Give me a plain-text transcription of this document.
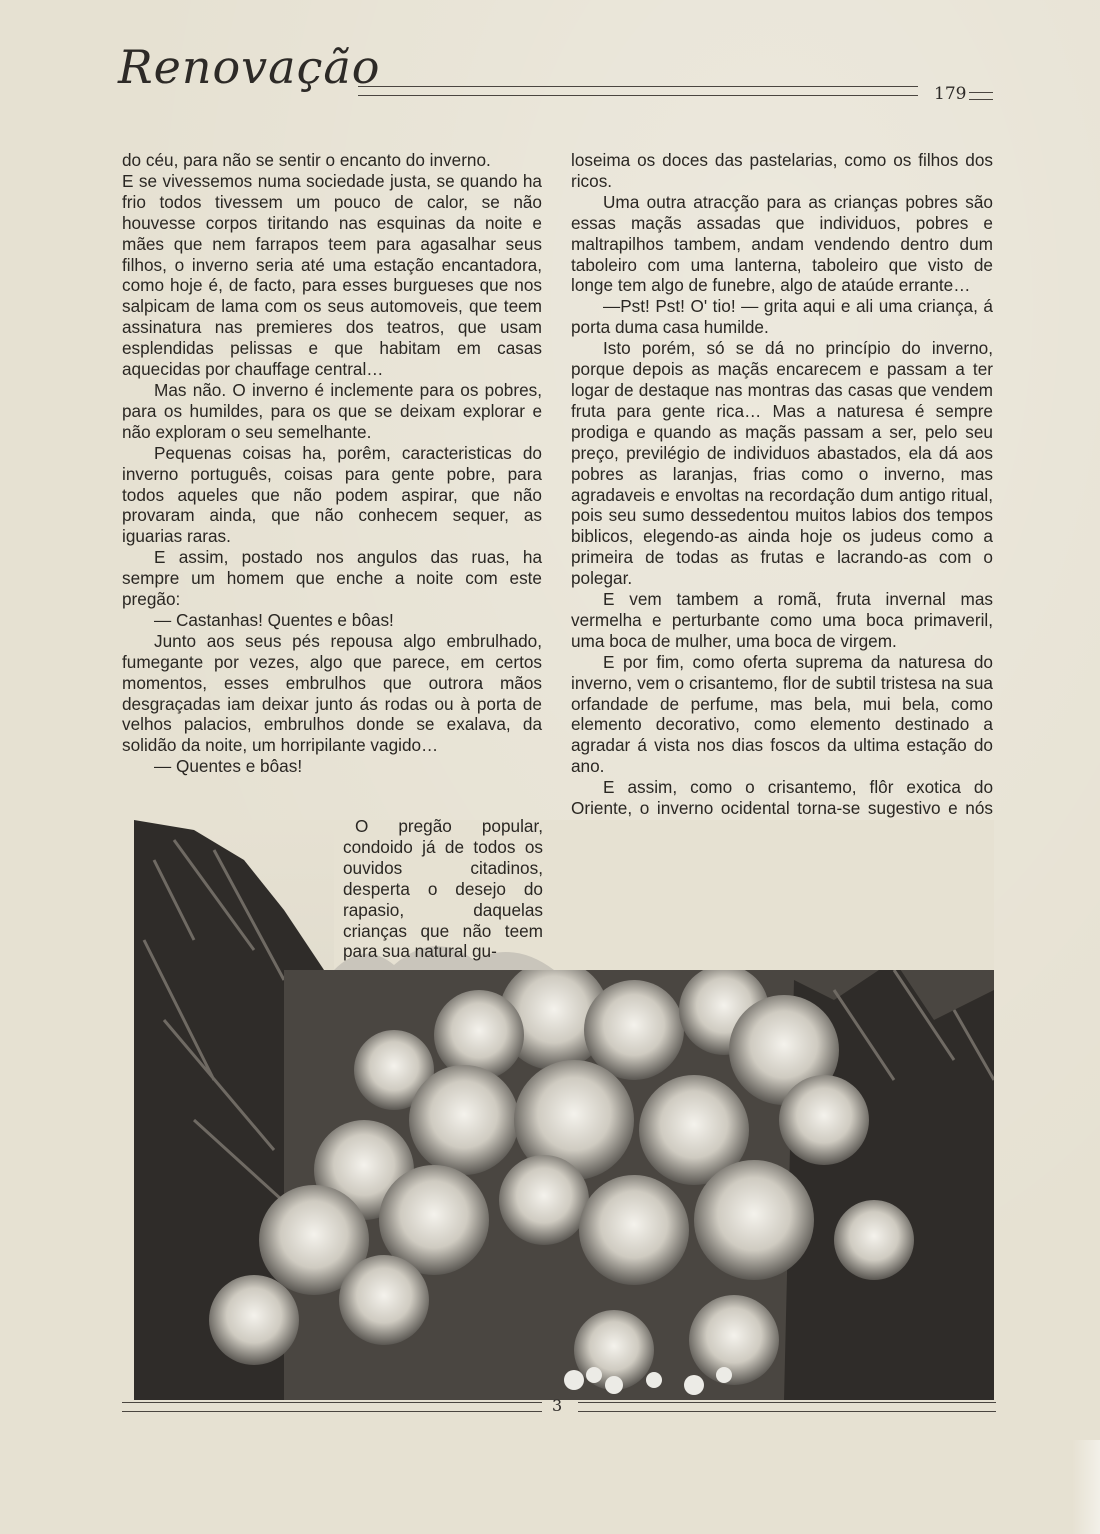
Renovação	179

do céu, para não se sentir o encanto do inverno.

E se vivessemos numa sociedade justa, se quando ha frio todos tivessem um pouco de calor, se não houvesse corpos tiritando nas esquinas da noite e mães que nem farrapos teem para agasalhar seus filhos, o inverno seria até uma estação encantadora, como hoje é, de facto, para esses burgueses que nos salpicam de lama com os seus automoveis, que teem assinatura nas premieres dos teatros, que usam esplendidas pelissas e que habitam em casas aquecidas por chauffage central…

Mas não. O inverno é inclemente para os pobres, para os humildes, para os que se deixam explorar e não exploram o seu semelhante.

Pequenas coisas ha, porêm, caracteristicas do inverno português, coisas para gente pobre, para todos aqueles que não podem aspirar, que não provaram ainda, que não conhecem sequer, as iguarias raras.

E assim, postado nos angulos das ruas, ha sempre um homem que enche a noite com este pregão:

— Castanhas! Quentes e bôas!

Junto aos seus pés repousa algo embrulhado, fumegante por vezes, algo que parece, em certos momentos, esses embrulhos que outrora mãos desgraçadas iam deixar junto ás rodas ou à porta de velhos palacios, embrulhos donde se exalava, da solidão da noite, um horripilante vagido…

— Quentes e bôas!

loseima os doces das pastelarias, como os filhos dos ricos.

Uma outra atracção para as crianças pobres são essas maçãs assadas que individuos, pobres e maltrapilhos tambem, andam vendendo dentro dum taboleiro com uma lanterna, taboleiro que visto de longe tem algo de funebre, algo de ataúde errante…

—Pst! Pst! O' tio! — grita aqui e ali uma criança, á porta duma casa humilde.

Isto porém, só se dá no princípio do inverno, porque depois as maçãs encarecem e passam a ter logar de destaque nas montras das casas que vendem fruta para gente rica… Mas a naturesa é sempre prodiga e quando as maçãs passam a ser, pelo seu preço, previlégio de individuos abastados, ela dá aos pobres as laranjas, frias como o inverno, mas agradaveis e envoltas na recordação dum antigo ritual, pois seu sumo dessedentou muitos labios dos tempos biblicos, elegendo-as ainda hoje os judeus como a primeira de todas as frutas e lacrando-as com o polegar.

E vem tambem a romã, fruta invernal mas vermelha e perturbante como uma boca primaveril, uma boca de mulher, uma boca de virgem.

E por fim, como oferta suprema da naturesa do inverno, vem o crisantemo, flor de subtil tristesa na sua orfandade de perfume, mas bela, mui bela, como elemento decorativo, como elemento destinado a agradar á vista nos dias foscos da ultima estação do ano.

E assim, como o crisantemo, flôr exotica do Oriente, o inverno ocidental torna-se sugestivo e nós

O pregão popular, condoido já de todos os ouvidos citadinos, desperta o desejo do rapasio, daquelas crianças que não teem para sua natural gu-

3
